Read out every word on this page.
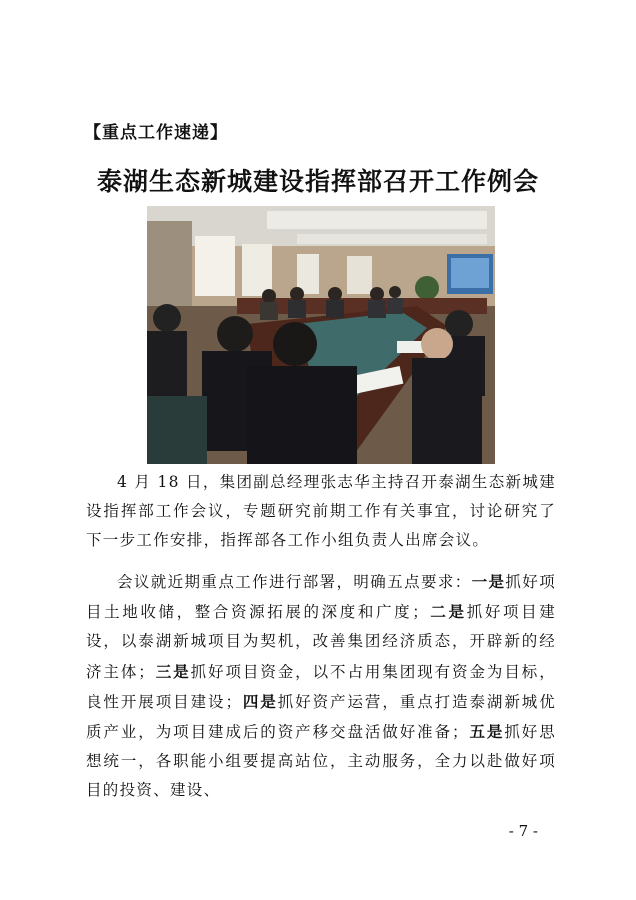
【重点工作速递】
泰湖生态新城建设指挥部召开工作例会

4 月 18 日，集团副总经理张志华主持召开泰湖生态新城建设指挥部工作会议，专题研究前期工作有关事宜，讨论研究了下一步工作安排，指挥部各工作小组负责人出席会议。

会议就近期重点工作进行部署，明确五点要求：一是抓好项目土地收储，整合资源拓展的深度和广度；二是抓好项目建设，以泰湖新城项目为契机，改善集团经济质态，开辟新的经济主体；三是抓好项目资金，以不占用集团现有资金为目标，良性开展项目建设；四是抓好资产运营，重点打造泰湖新城优质产业，为项目建成后的资产移交盘活做好准备；五是抓好思想统一，各职能小组要提高站位，主动服务，全力以赴做好项目的投资、建设、

- 7 -
